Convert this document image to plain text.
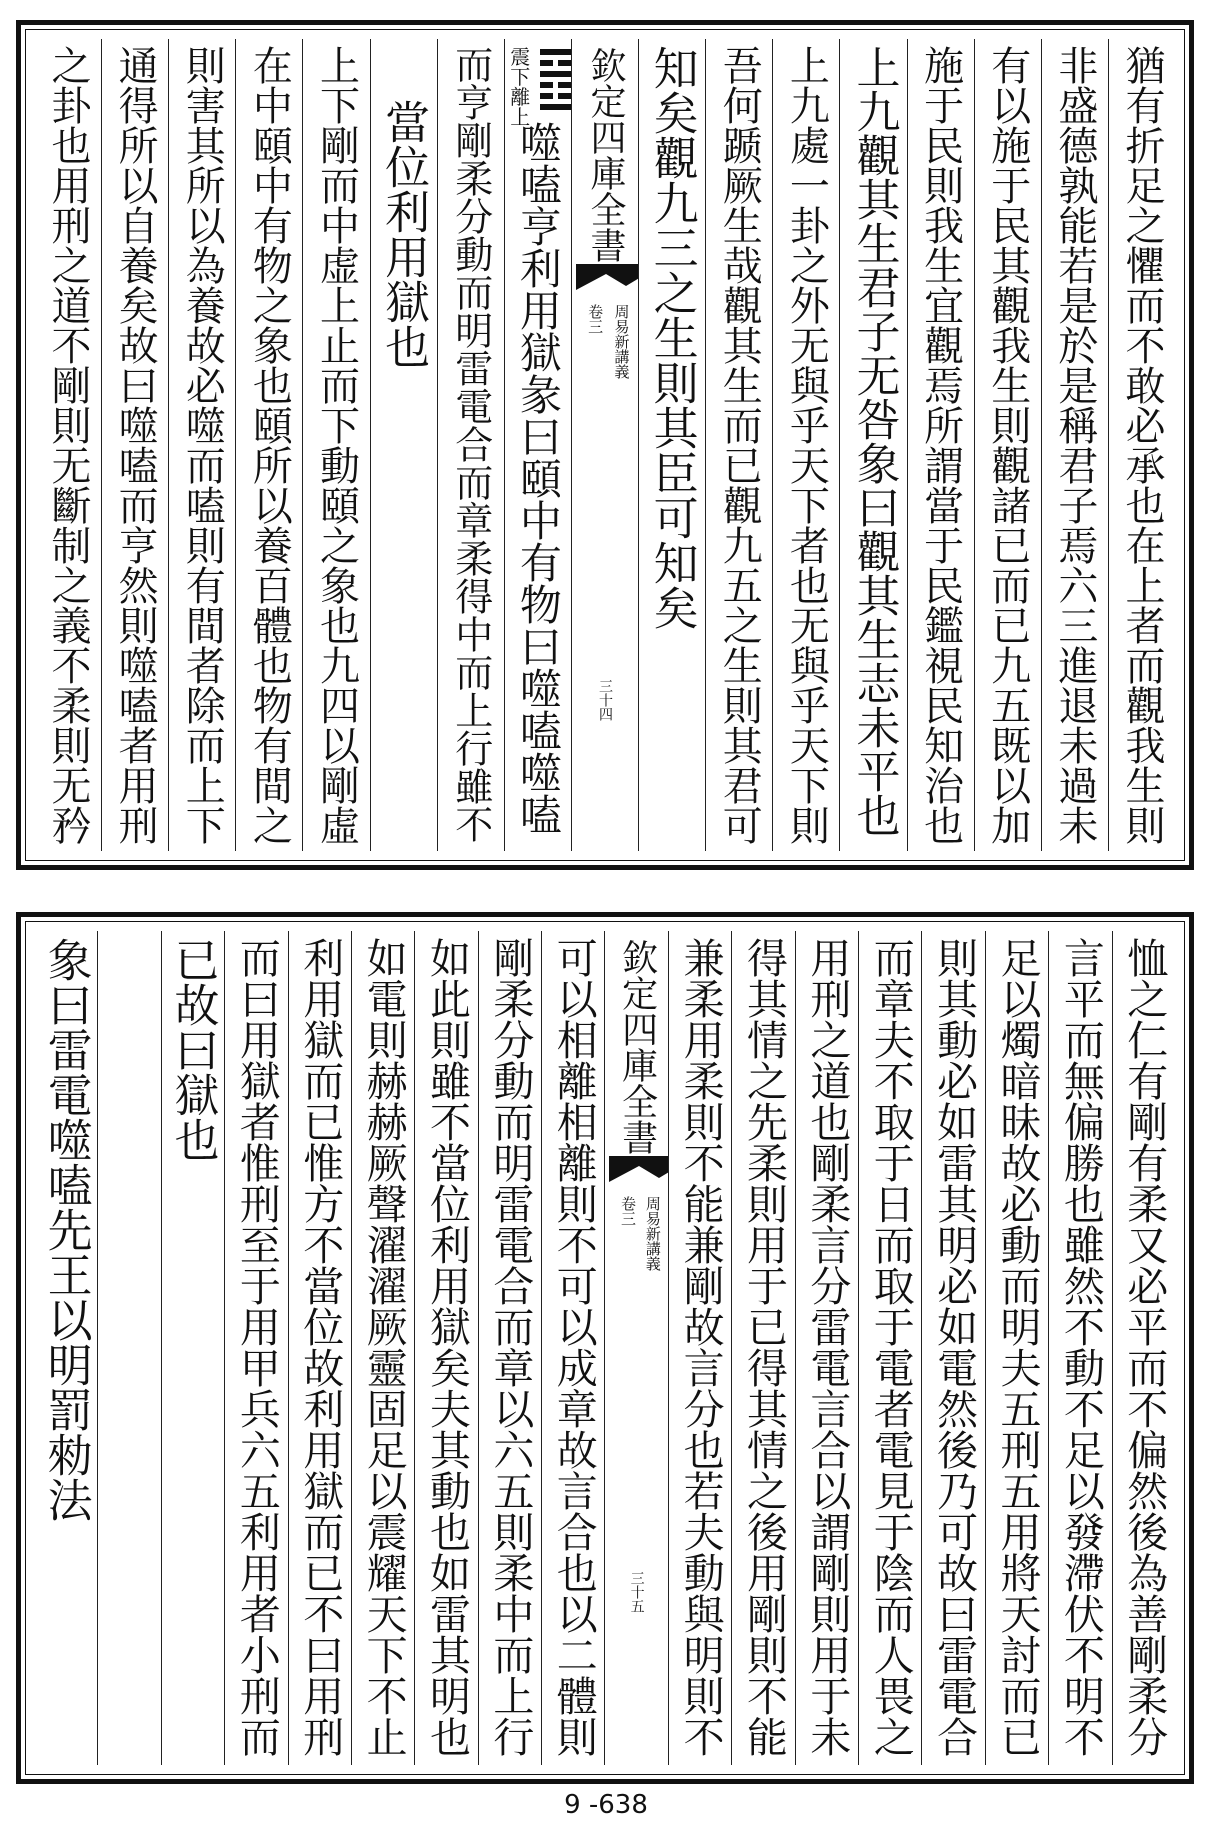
猶有折足之懼而不敢必承也在上者而觀我生則
非盛德孰能若是於是稱君子焉六三進退未過未
有以施于民其觀我生則觀諸已而已九五既以加
施于民則我生宜觀焉所謂當于民鑑視民知治也
上九觀其生君子无咎象曰觀其生志未平也
上九處一卦之外无與乎天下者也无與乎天下則
吾何踬厥生哉觀其生而已觀九五之生則其君可
知矣觀九三之生則其臣可知矣
欽定四庫全書
周易新講義
卷三
三十四
震下
離上
噬嗑亨利用獄彖曰頤中有物曰噬嗑噬嗑
而亨剛柔分動而明雷電合而章柔得中而上行雖不
當位利用獄也
上下剛而中虚上止而下動頤之象也九四以剛虛
在中頤中有物之象也頤所以養百體也物有間之
則害其所以為養故必噬而嗑則有間者除而上下
通得所以自養矣故曰噬嗑而亨然則噬嗑者用刑
之卦也用刑之道不剛則无斷制之義不柔則无矜
恤之仁有剛有柔又必平而不偏然後為善剛柔分
言平而無偏勝也雖然不動不足以發滯伏不明不
足以燭暗昧故必動而明夫五刑五用將天討而已
則其動必如雷其明必如電然後乃可故曰雷電合
而章夫不取于日而取于電者電見于陰而人畏之
用刑之道也剛柔言分雷電言合以謂剛則用于未
得其情之先柔則用于已得其情之後用剛則不能
兼柔用柔則不能兼剛故言分也若夫動與明則不
欽定四庫全書
周易新講義
卷三
三十五
可以相離相離則不可以成章故言合也以二體則
剛柔分動而明雷電合而章以六五則柔中而上行
如此則雖不當位利用獄矣夫其動也如雷其明也
如電則赫赫厥聲濯濯厥靈固足以震耀天下不止
利用獄而已惟方不當位故利用獄而已不曰用刑
而曰用獄者惟刑至于用甲兵六五利用者小刑而
已故曰獄也
象曰雷電噬嗑先王以明罰勑法
9 -638
